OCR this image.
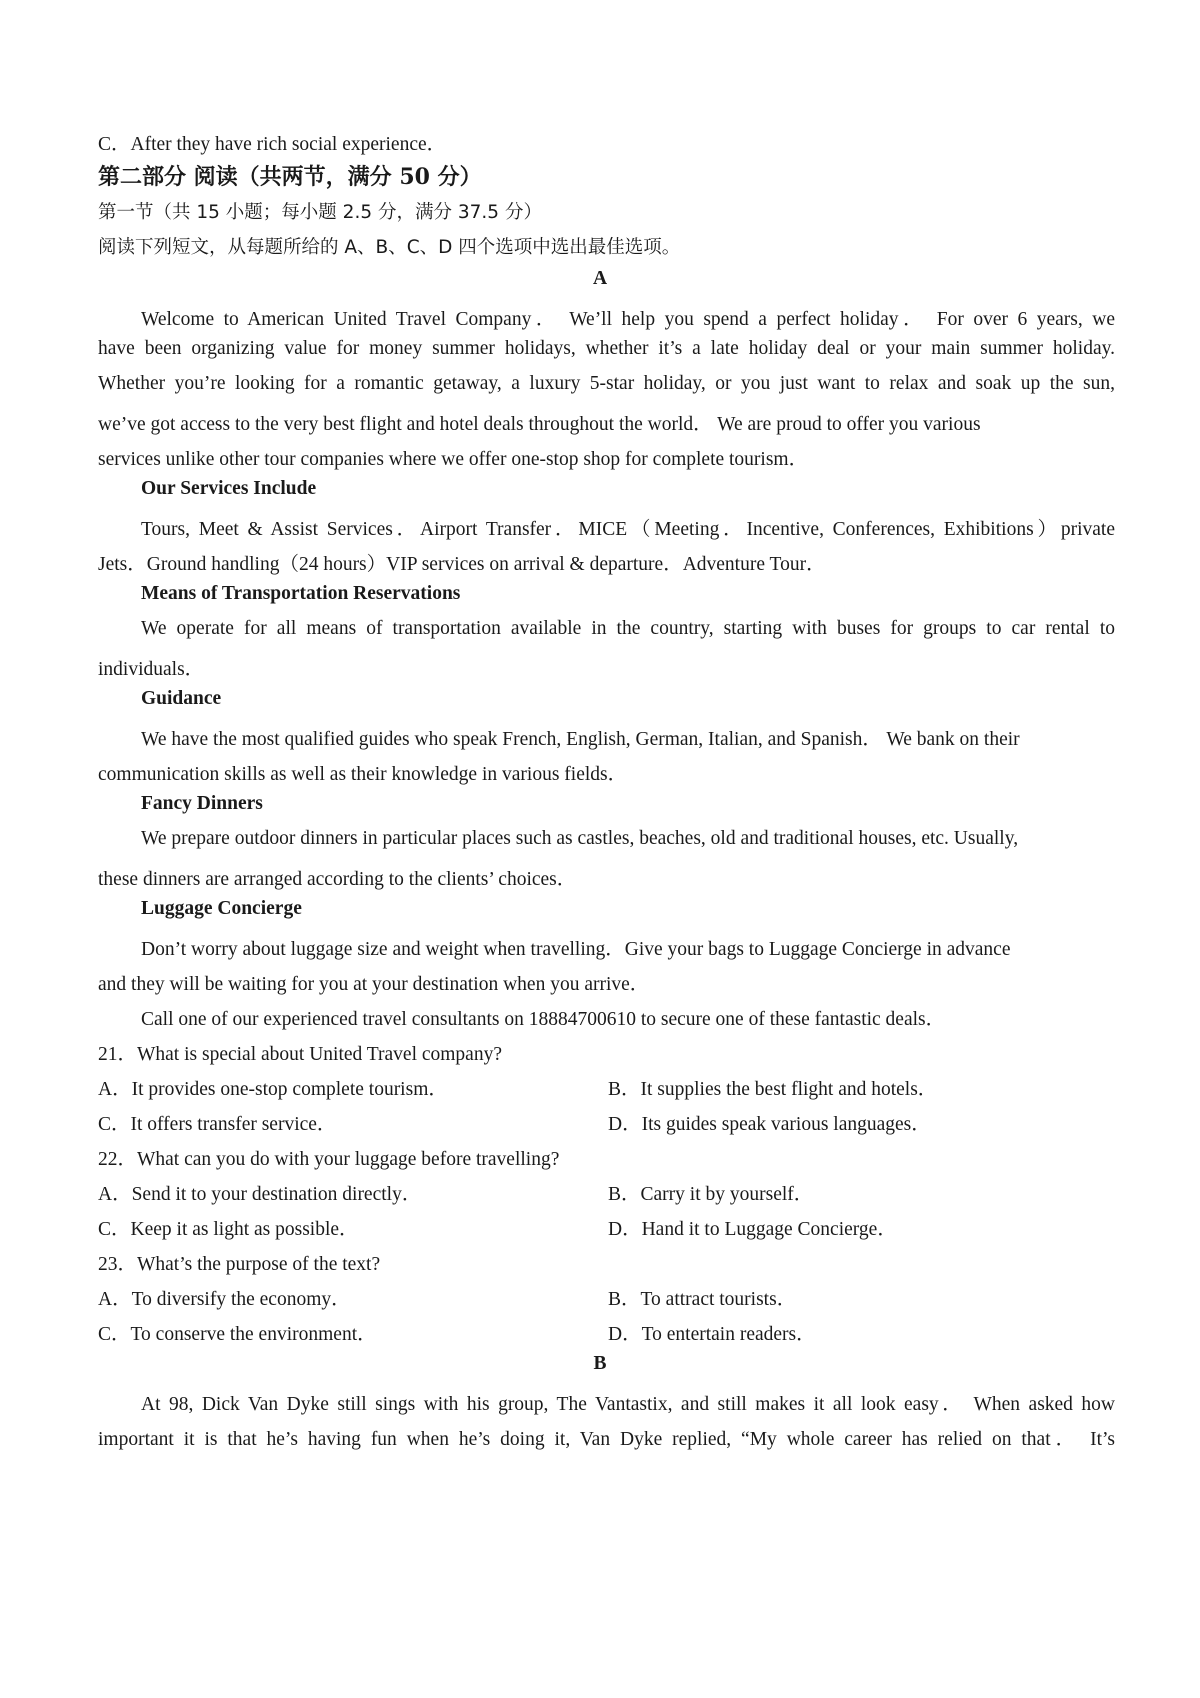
C．After they have rich social experience．
第二部分 阅读（共两节，满分 50 分）
第一节（共 15 小题；每小题 2.5 分，满分 37.5 分）
阅读下列短文，从每题所给的 A、B、C、D 四个选项中选出最佳选项。
A
Welcome to American United Travel Company． We’ll help you spend a perfect holiday． For over 6 years, we
have been organizing value for money summer holidays, whether it’s a late holiday deal or your main summer holiday.
Whether you’re looking for a romantic getaway, a luxury 5-star holiday, or you just want to relax and soak up the sun,
we’ve got access to the very best flight and hotel deals throughout the world． We are proud to offer you various
services unlike other tour companies where we offer one-stop shop for complete tourism．
Our Services Include
Tours, Meet & Assist Services．Airport Transfer．MICE（Meeting．Incentive, Conferences, Exhibitions）private
Jets．Ground handling（24 hours）VIP services on arrival & departure．Adventure Tour．
Means of Transportation Reservations
We operate for all means of transportation available in the country, starting with buses for groups to car rental to
individuals．
Guidance
We have the most qualified guides who speak French, English, German, Italian, and Spanish． We bank on their
communication skills as well as their knowledge in various fields．
Fancy Dinners
We prepare outdoor dinners in particular places such as castles, beaches, old and traditional houses, etc. Usually,
these dinners are arranged according to the clients’ choices．
Luggage Concierge
Don’t worry about luggage size and weight when travelling．Give your bags to Luggage Concierge in advance
and they will be waiting for you at your destination when you arrive．
Call one of our experienced travel consultants on 18884700610 to secure one of these fantastic deals．
21．What is special about United Travel company?
A．It provides one-stop complete tourism．	B．It supplies the best flight and hotels．
C．It offers transfer service．	D．Its guides speak various languages．
22．What can you do with your luggage before travelling?
A．Send it to your destination directly．	B．Carry it by yourself．
C．Keep it as light as possible．	D．Hand it to Luggage Concierge．
23．What’s the purpose of the text?
A．To diversify the economy．	B．To attract tourists．
C．To conserve the environment．	D．To entertain readers．
B
At 98, Dick Van Dyke still sings with his group, The Vantastix, and still makes it all look easy． When asked how
important it is that he’s having fun when he’s doing it, Van Dyke replied, “My whole career has relied on that． It’s
